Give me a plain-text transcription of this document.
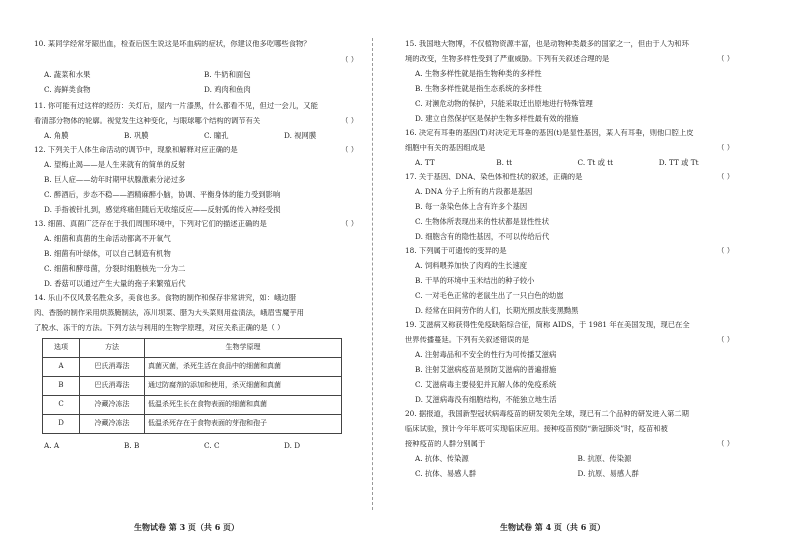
10. 某同学经常牙龈出血，检查后医生说这是坏血病的症状，你建议他多吃哪些食物？
（ ）

A. 蔬菜和水果	B. 牛奶和面包
C. 海鲜类食物	D. 鸡肉和鱼肉
11. 你可能有过这样的经历：关灯后，屋内一片漆黑，什么都看不见，但过一会儿，又能
看清部分物体的轮廓。视觉发生这种变化，与眼球哪个结构的调节有关	（ ）
A. 角膜	B. 巩膜	C. 瞳孔	D. 视网膜
12. 下列关于人体生命活动的调节中，现象和解释对应正确的是	（ ）
A. 望梅止渴——是人生来就有的简单的反射
B. 巨人症——幼年时期甲状腺激素分泌过多
C. 醉酒后，步态不稳——酒精麻醉小脑，协调、平衡身体的能力受到影响
D. 手指被针扎到，感觉疼痛但随后无收缩反应——反射弧的传入神经受损
13. 细菌、真菌广泛存在于我们周围环境中，下列对它们的描述正确的是	（ ）
A. 细菌和真菌的生命活动都离不开氧气
B. 细菌有叶绿体，可以自己制造有机物
C. 细菌和酵母菌，分裂时细胞核先一分为二
D. 香菇可以通过产生大量的孢子来繁殖后代
14. 乐山不仅风景名胜众多，美食也多。食物的制作和保存非常讲究，如：峨边腊
肉、香肠的制作采用烘蒸腌制法，冻川坝菜、腊为大头菜则用盐渍法，峨眉雪魔芋用
了脱水、冻干的方法。下列方法与利用的生物学原理，对应关系正确的是（ ）
选项	方法	生物学原理
A	巴氏消毒法	真菌灭菌，杀死生活在食品中的细菌和真菌
B	巴氏消毒法	通过防腐剂的添加和使用，杀灭细菌和真菌
C	冷藏冷冻法	低温杀死生长在食物表面的细菌和真菌
D	冷藏冷冻法	低温杀死存在于食物表面的芽孢和孢子
A. A	B. B	C. C	D. D
15. 我国地大物博，不仅植物资源丰富，也是动物种类最多的国家之一，但由于人为和环
境的改变，生物多样性受到了严重威胁。下列有关叙述合理的是	（ ）
A. 生物多样性就是指生物种类的多样性
B. 生物多样性就是指生态系统的多样性
C. 对濒危动物的保护，只能采取迁出原地进行特殊管理
D. 建立自然保护区是保护生物多样性最有效的措施
16. 决定有耳垂的基因(T)对决定无耳垂的基因(t)是显性基因，某人有耳垂，则他口腔上皮
细胞中有关的基因组成是	（ ）
A. TT	B. tt	C. Tt 或 tt	D. TT 或 Tt
17. 关于基因、DNA、染色体和性状的叙述，正确的是	（ ）
A. DNA 分子上所有的片段都是基因
B. 每一条染色体上含有许多个基因
C. 生物体所表现出来的性状都是显性性状
D. 细胞含有的隐性基因，不可以传给后代
18. 下列属于可遗传的变异的是	（ ）
A. 饲料喂养加快了肉鸡的生长速度
B. 干旱的环境中玉米结出的种子较小
C. 一对毛色正常的老鼠生出了一只白色的幼崽
D. 经常在田间劳作的人们，长期光照皮肤变黑黝黑
19. 艾滋病又称获得性免疫缺陷综合征，简称 AIDS，于 1981 年在美国发现，现已在全
世界传播蔓延。下列有关叙述错误的是	（ ）
A. 注射毒品和不安全的性行为可传播艾滋病
B. 注射艾滋病疫苗是预防艾滋病的普遍措施
C. 艾滋病毒主要侵犯并瓦解人体的免疫系统
D. 艾滋病毒没有细胞结构，不能独立地生活
20. 据报道，我国新型冠状病毒疫苗的研发领先全球，现已有二个品种的研发进入第二期
临床试验，预计今年年底可实现临床应用。接种疫苗预防“新冠肺炎”时，疫苗和被
接种疫苗的人群分别属于	（ ）
A. 抗体、传染源	B. 抗原、传染源
C. 抗体、易感人群	D. 抗原、易感人群
生物试卷 第 3 页（共 6 页）	生物试卷 第 4 页（共 6 页）
